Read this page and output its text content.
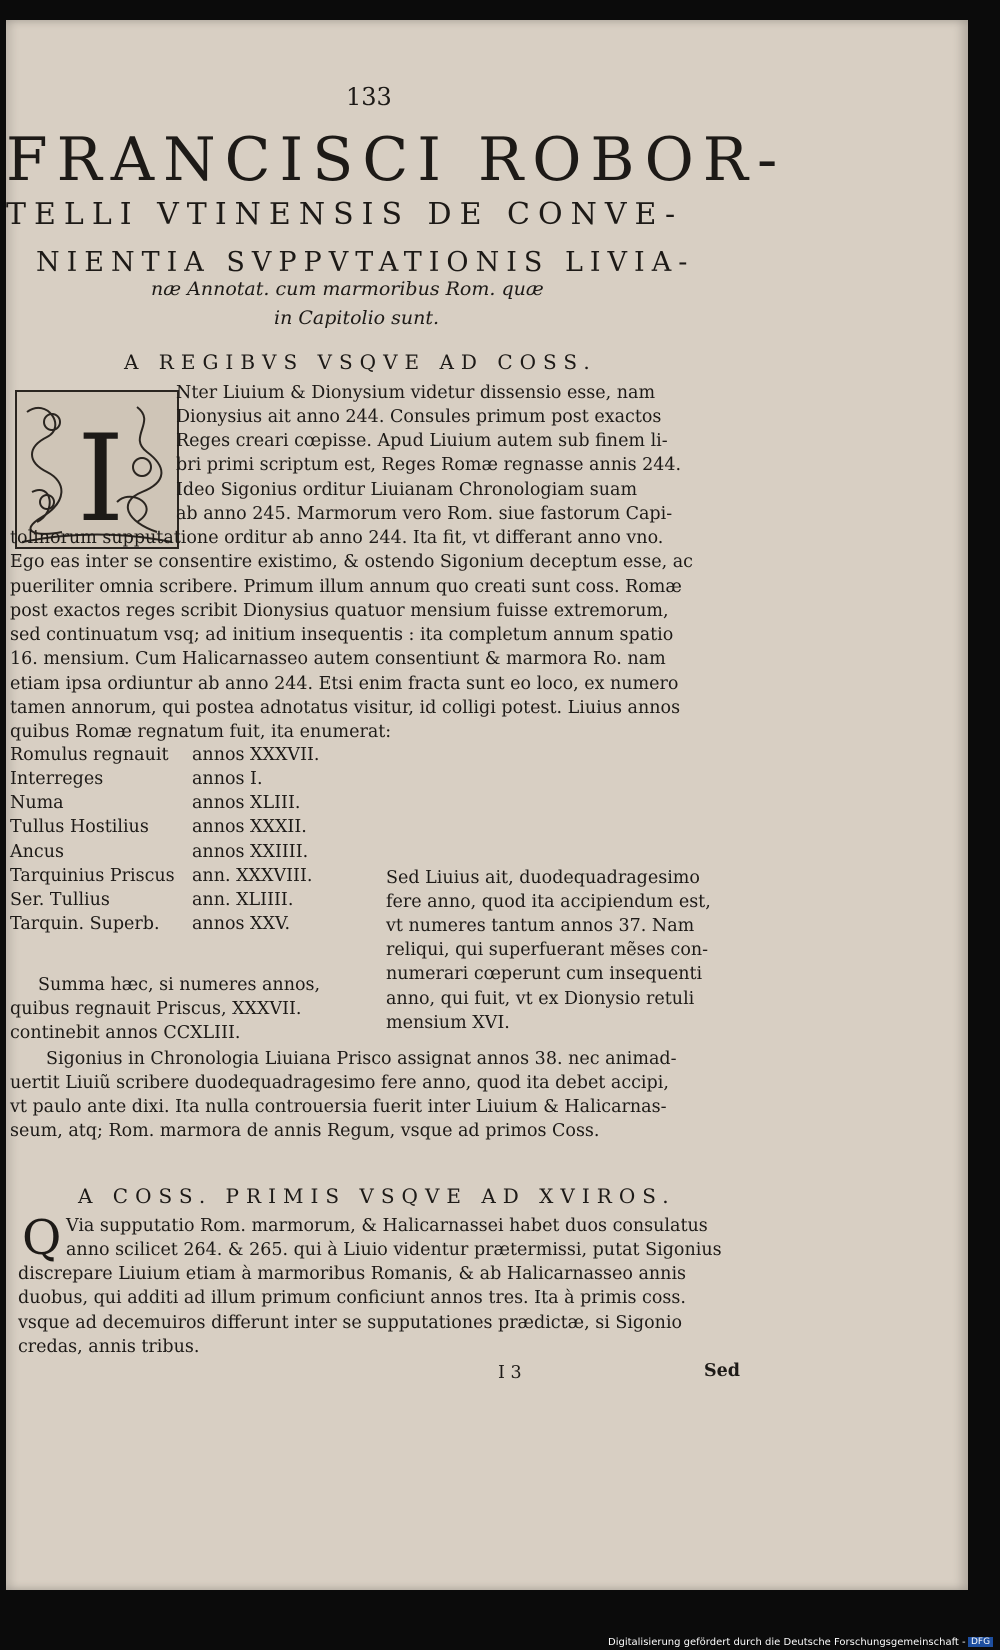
133
FRANCISCI ROBOR-
TELLI VTINENSIS DE CONVE-
NIENTIA SVPPVTATIONIS LIVIA-
næ Annotat. cum marmoribus Rom. quæ
in Capitolio sunt.
A REGIBVS VSQVE AD COSS.
I
Nter Liuium & Dionysium videtur dissensio esse, nam
Dionysius ait anno 244. Consules primum post exactos
Reges creari cœpisse. Apud Liuium autem sub finem li-
bri primi scriptum est, Reges Romæ regnasse annis 244.
Ideo Sigonius orditur Liuianam Chronologiam suam
ab anno 245. Marmorum vero Rom. siue fastorum Capi-
tolinorum supputatione orditur ab anno 244. Ita fit, vt differant anno vno.
Ego eas inter se consentire existimo, & ostendo Sigonium deceptum esse, ac
pueriliter omnia scribere. Primum illum annum quo creati sunt coss. Romæ
post exactos reges scribit Dionysius quatuor mensium fuisse extremorum,
sed continuatum vsq; ad initium insequentis : ita completum annum spatio
16. mensium. Cum Halicarnasseo autem consentiunt & marmora Ro. nam
etiam ipsa ordiuntur ab anno 244. Etsi enim fracta sunt eo loco, ex numero
tamen annorum, qui postea adnotatus visitur, id colligi potest. Liuius annos
quibus Romæ regnatum fuit, ita enumerat:
Romulus regnauit annos XXXVII.
Interreges	annos I.
Numa	annos XLIII.
Tullus Hostilius annos XXXII.
Ancus	annos XXIIII.
Tarquinius Priscus ann. XXXVIII.
Ser. Tullius	ann. XLIIII.
Tarquin. Superb. annos XXV.
Sed Liuius ait, duodequadragesimo
fere anno, quod ita accipiendum est,
vt numeres tantum annos 37. Nam
reliqui, qui superfuerant mẽses con-
numerari cœperunt cum insequenti
anno, qui fuit, vt ex Dionysio retuli
mensium XVI.
Summa hæc, si numeres annos,
quibus regnauit Priscus, XXXVII.
continebit annos CCXLIII.
Sigonius in Chronologia Liuiana Prisco assignat annos 38. nec animad-
uertit Liuiũ scribere duodequadragesimo fere anno, quod ita debet accipi,
vt paulo ante dixi. Ita nulla controuersia fuerit inter Liuium & Halicarnas-
seum, atq; Rom. marmora de annis Regum, vsque ad primos Coss.
A COSS. PRIMIS VSQVE AD XVIROS.
Q Via supputatio Rom. marmorum, & Halicarnassei habet duos consulatus
anno scilicet 264. & 265. qui à Liuio videntur prætermissi, putat Sigonius
discrepare Liuium etiam à marmoribus Romanis, & ab Halicarnasseo annis
duobus, qui additi ad illum primum conficiunt annos tres. Ita à primis coss.
vsque ad decemuiros differunt inter se supputationes prædictæ, si Sigonio
credas, annis tribus.
I 3	Sed
Digitalisierung gefördert durch die Deutsche Forschungsgemeinschaft - DFG
